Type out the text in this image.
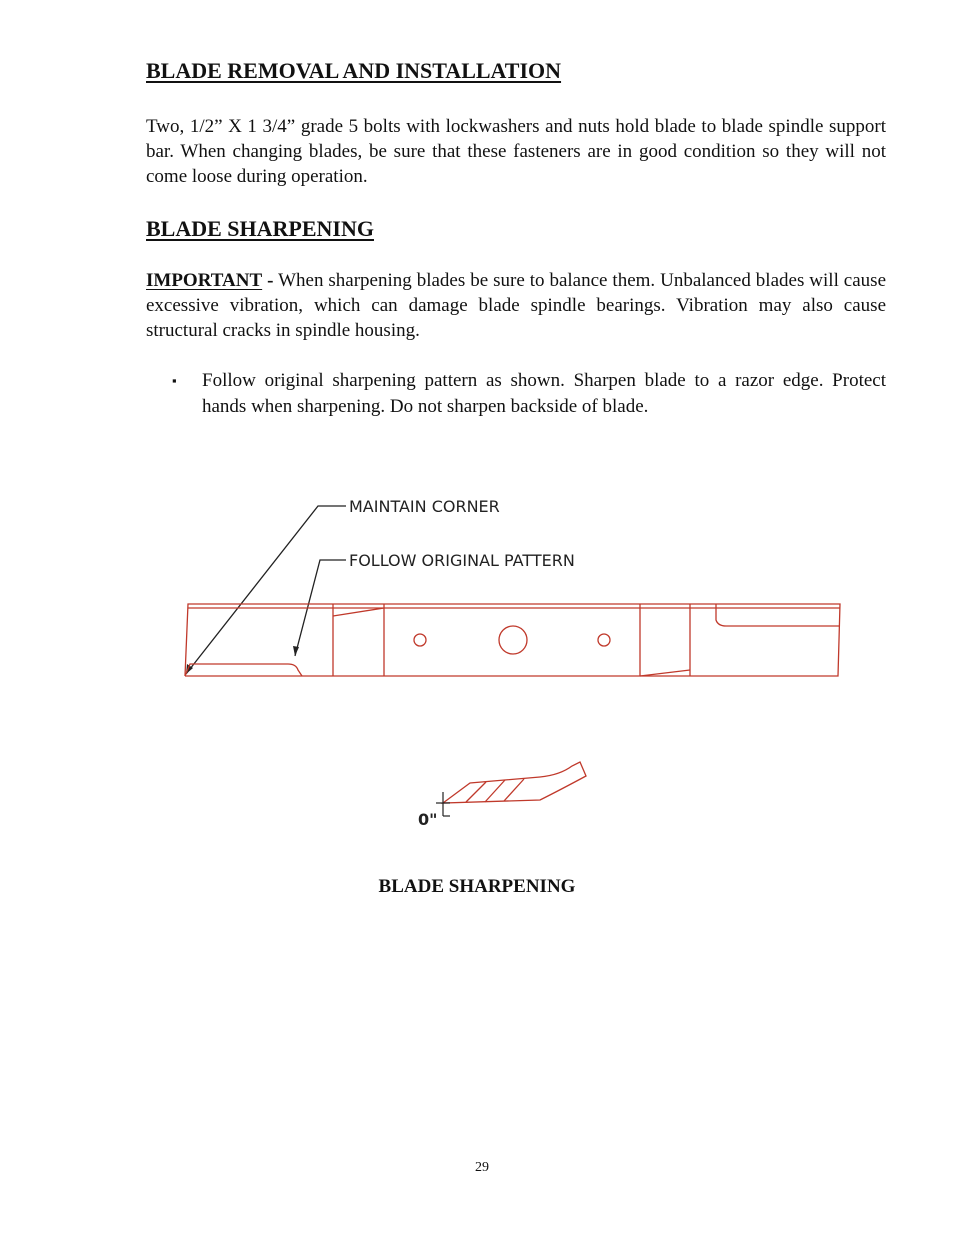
BLADE REMOVAL AND INSTALLATION

Two, 1/2” X 1 3/4” grade 5 bolts with lockwashers and nuts hold blade to blade spindle support bar. When changing blades, be sure that these fasteners are in good condition so they will not come loose during operation.

BLADE SHARPENING

IMPORTANT - When sharpening blades be sure to balance them. Unbalanced blades will cause excessive vibration, which can damage blade spindle bearings. Vibration may also cause structural cracks in spindle housing.

▪	Follow original sharpening pattern as shown. Sharpen blade to a razor edge. Protect hands when sharpening. Do not sharpen backside of blade.
MAINTAIN CORNER
FOLLOW ORIGINAL PATTERN
0"
BLADE SHARPENING
29
